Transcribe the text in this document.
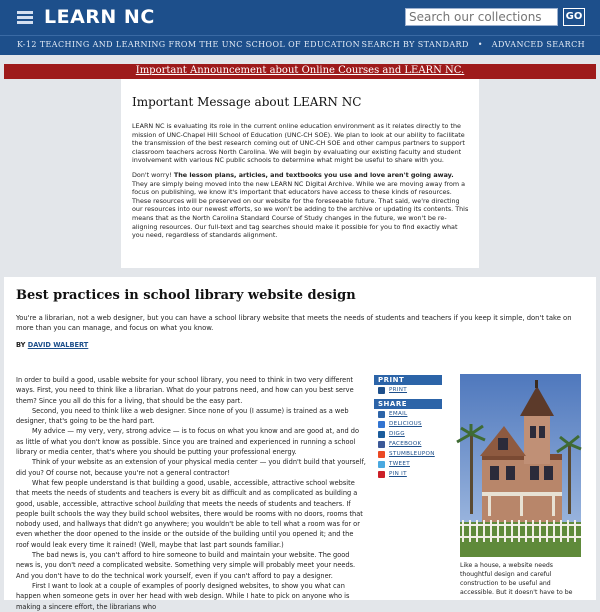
LEARN NC
Search our collections	GO
K-12 TEACHING AND LEARNING FROM THE UNC SCHOOL OF EDUCATION SEARCH BY STANDARD • ADVANCED SEARCH
Important Announcement about Online Courses and LEARN NC.
Important Message about LEARN NC

LEARN NC is evaluating its role in the current online education environment as it relates directly to the mission of UNC-Chapel Hill School of Education (UNC-CH SOE). We plan to look at our ability to facilitate the transmission of the best research coming out of UNC-CH SOE and other campus partners to support classroom teachers across North Carolina. We will begin by evaluating our existing faculty and student involvement with various NC public schools to determine what might be useful to share with you.

Don't worry! The lesson plans, articles, and textbooks you use and love aren't going away. They are simply being moved into the new LEARN NC Digital Archive. While we are moving away from a focus on publishing, we know it's important that educators have access to these kinds of resources. These resources will be preserved on our website for the foreseeable future. That said, we're directing our resources into our newest efforts, so we won't be adding to the archive or updating its contents. This means that as the North Carolina Standard Course of Study changes in the future, we won't be re-aligning resources. Our full-text and tag searches should make it possible for you to find exactly what you need, regardless of standards alignment.

Best practices in school library website design

You're a librarian, not a web designer, but you can have a school library website that meets the needs of students and teachers if you keep it simple, don't take on more than you can manage, and focus on what you know.

BY DAVID WALBERT

In order to build a good, usable website for your school library, you need to think in two very different ways. First, you need to think like a librarian. What do your patrons need, and how can you best serve them? Since you all do this for a living, that should be the easy part.

Second, you need to think like a web designer. Since none of you (I assume) is trained as a web designer, that's going to be the hard part.

My advice — my very, very, strong advice — is to focus on what you know and are good at, and do as little of what you don't know as possible. Since you are trained and experienced in running a school library or media center, that's where you should be putting your professional energy.

Think of your website as an extension of your physical media center — you didn't build that yourself, did you? Of course not, because you're not a general contractor!

What few people understand is that building a good, usable, accessible, attractive school website that meets the needs of students and teachers is every bit as difficult and as complicated as building a good, usable, accessible, attractive school building that meets the needs of students and teachers. If people built schools the way they build school websites, there would be rooms with no doors, rooms that nobody used, and hallways that didn't go anywhere; you wouldn't be able to tell what a room was for or even whether the door opened to the inside or the outside of the building until you opened it; and the roof would leak every time it rained! (Well, maybe that last part sounds familiar.)

The bad news is, you can't afford to hire someone to build and maintain your website. The good news is, you don't need a complicated website. Something very simple will probably meet your needs. And you don't have to do the technical work yourself, even if you can't afford to pay a designer.

First I want to look at a couple of examples of poorly designed websites, to show you what can happen when someone gets in over her head with web design. While I hate to pick on anyone who is making a sincere effort, the librarians who

PRINT
PRINT
SHARE
EMAIL
DELICIOUS
DIGG
FACEBOOK
STUMBLEUPON
TWEET
PIN IT
Like a house, a website needs thoughtful design and careful construction to be useful and accessible. But it doesn't have to be
